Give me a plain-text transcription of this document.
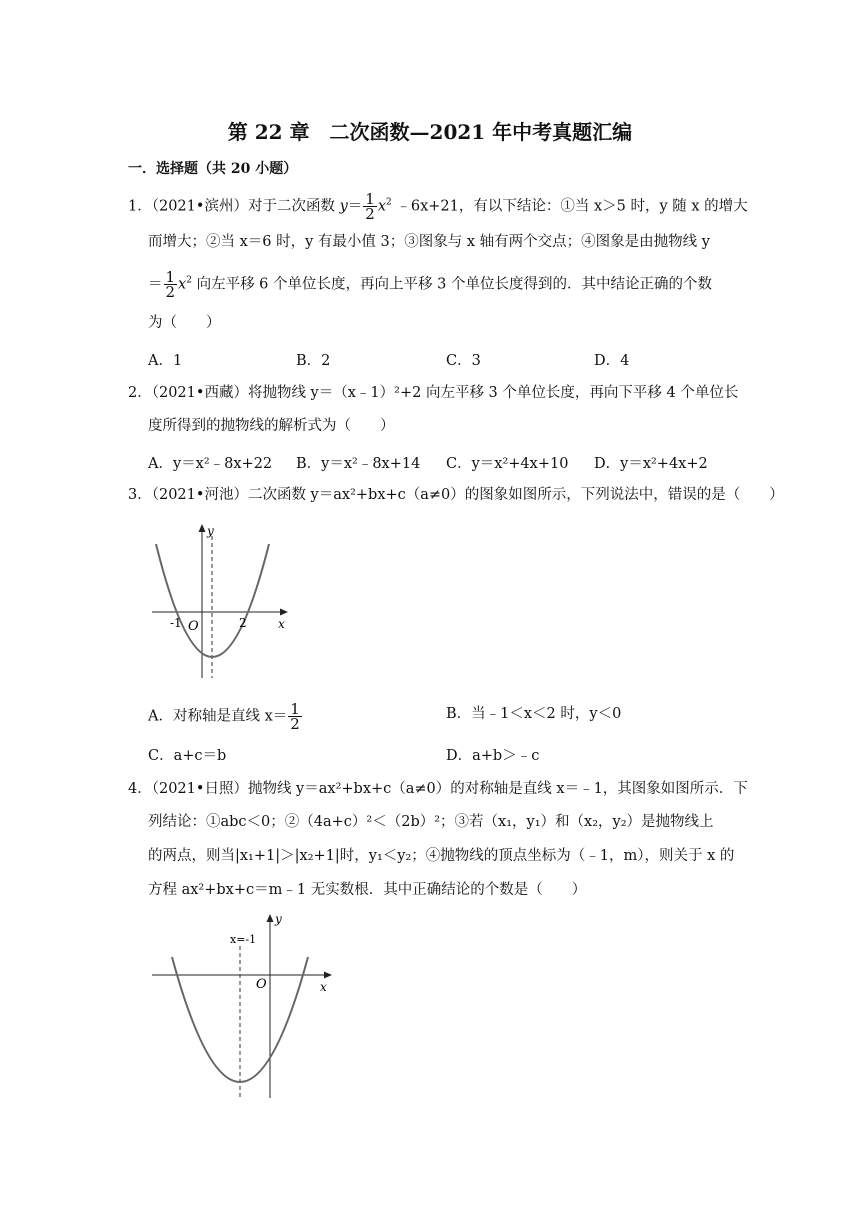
第 22 章　二次函数—2021 年中考真题汇编
一．选择题（共 20 小题）
1．（2021•滨州）对于二次函数 $y= \frac{1}{2} x^2$ ﹣6x+21，有以下结论：①当 x＞5 时，y 随 x 的增大
而增大；②当 x＝6 时，y 有最小值 3；③图象与 x 轴有两个交点；④图象是由抛物线 y
＝ $\frac{1}{2} x^2$ 向左平移 6 个单位长度，再向上平移 3 个单位长度得到的．其中结论正确的个数
为（　　）
A．1	B．2	C．3	D．4
2．（2021•西藏）将抛物线 y＝（x﹣1）²+2 向左平移 3 个单位长度，再向下平移 4 个单位长
度所得到的抛物线的解析式为（　　）
A．y＝x²﹣8x+22 B．y＝x²﹣8x+14 C．y＝x²+4x+10 D．y＝x²+4x+2
3．（2021•河池）二次函数 y＝ax²+bx+c（a≠0）的图象如图所示，下列说法中，错误的是（　　）
y
x
O
-1	2
A．对称轴是直线 $x= \frac{1}{2}$	B．当﹣1＜x＜2 时，y＜0
C．a+c＝b	D．a+b＞﹣c
4．（2021•日照）抛物线 y＝ax²+bx+c（a≠0）的对称轴是直线 x＝﹣1，其图象如图所示．下
列结论：①abc＜0；②（4a+c）²＜（2b）²；③若（x₁，y₁）和（x₂，y₂）是抛物线上
的两点，则当|x₁+1|＞|x₂+1|时，y₁＜y₂；④抛物线的顶点坐标为（﹣1，m），则关于 x 的
方程 ax²+bx+c＝m﹣1 无实数根．其中正确结论的个数是（　　）
y
x
O
x=-1
